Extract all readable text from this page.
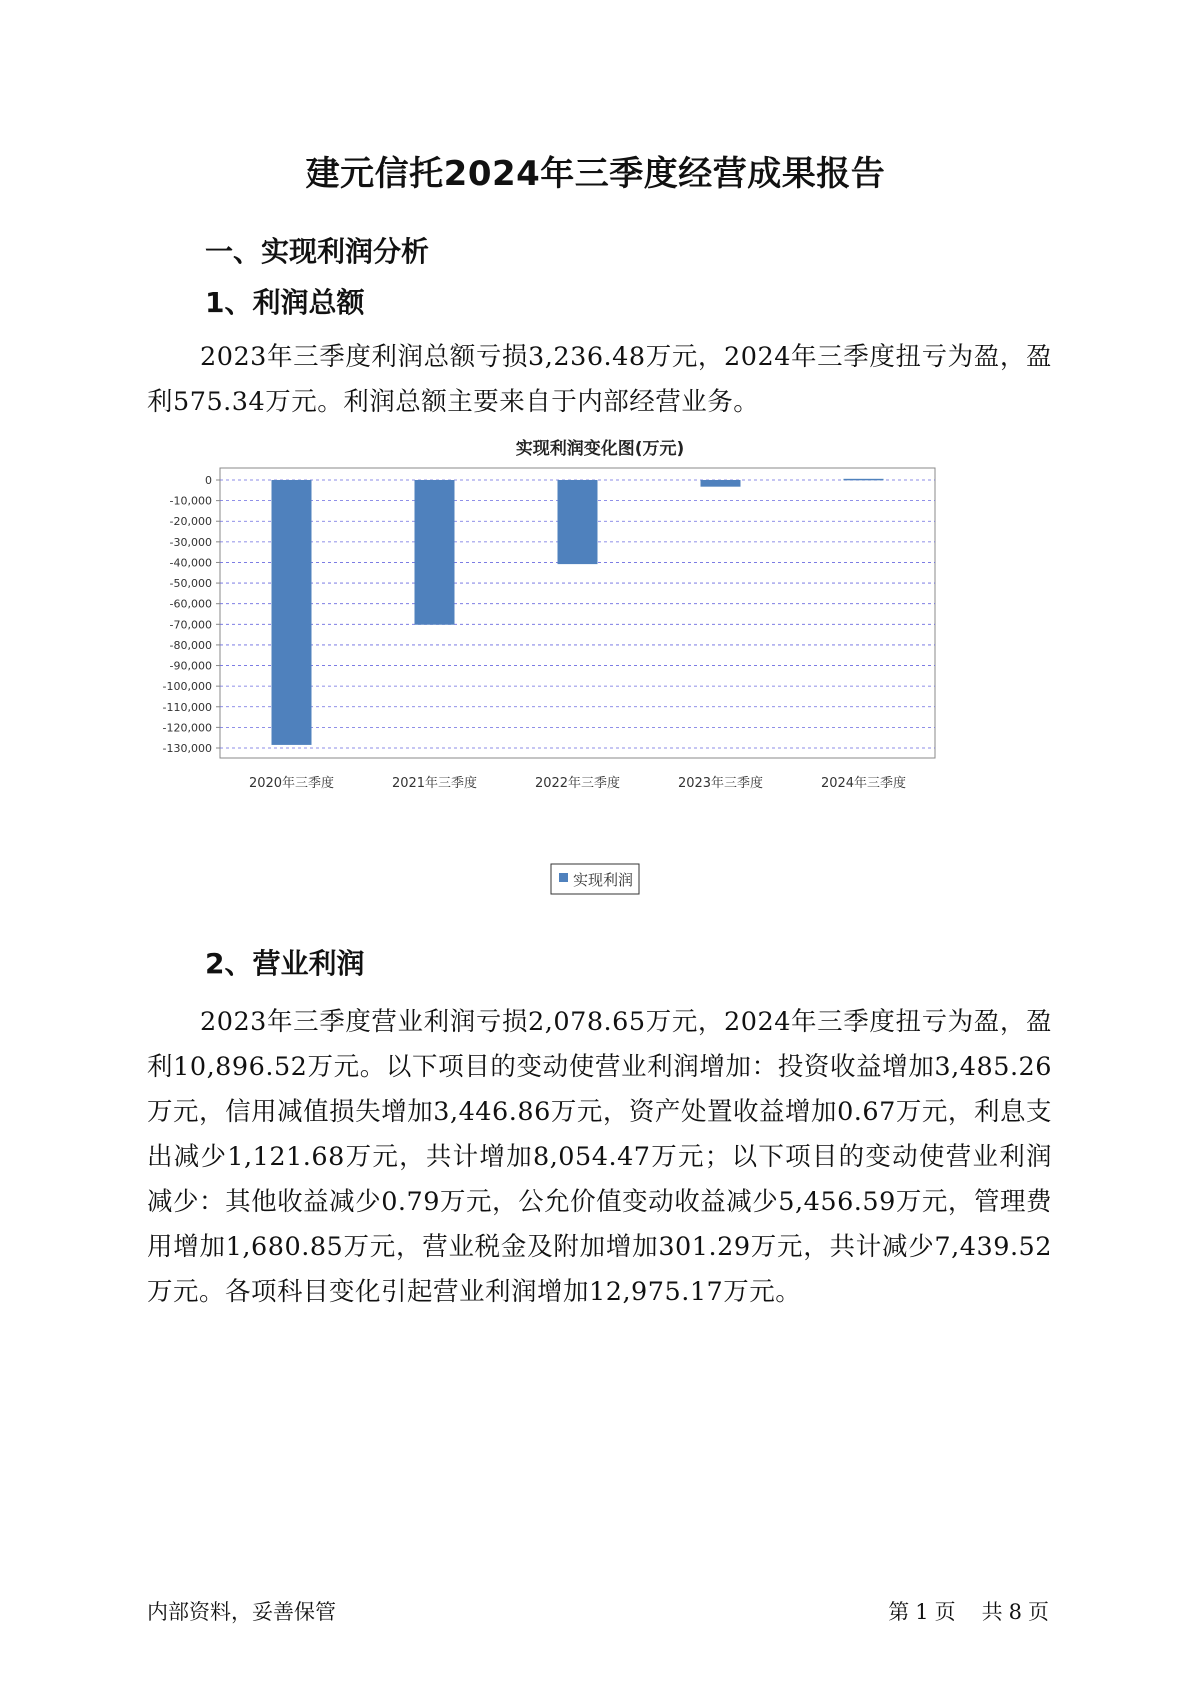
建元信托2024年三季度经营成果报告
一、实现利润分析
1、利润总额

2023年三季度利润总额亏损3,236.48万元，2024年三季度扭亏为盈，盈利575.34万元。利润总额主要来自于内部经营业务。

实现利润变化图(万元)
0
-10,000
-20,000
-30,000
-40,000
-50,000
-60,000
-70,000
-80,000
-90,000
-100,000
-110,000
-120,000
-130,000
2020年三季度	2021年三季度	2022年三季度	2023年三季度	2024年三季度
实现利润
2、营业利润

2023年三季度营业利润亏损2,078.65万元，2024年三季度扭亏为盈，盈利10,896.52万元。以下项目的变动使营业利润增加：投资收益增加3,485.26万元，信用减值损失增加3,446.86万元，资产处置收益增加0.67万元，利息支出减少1,121.68万元，共计增加8,054.47万元；以下项目的变动使营业利润减少：其他收益减少0.79万元，公允价值变动收益减少5,456.59万元，管理费用增加1,680.85万元，营业税金及附加增加301.29万元，共计减少7,439.52万元。各项科目变化引起营业利润增加12,975.17万元。

内部资料，妥善保管	第 1 页 共 8 页
